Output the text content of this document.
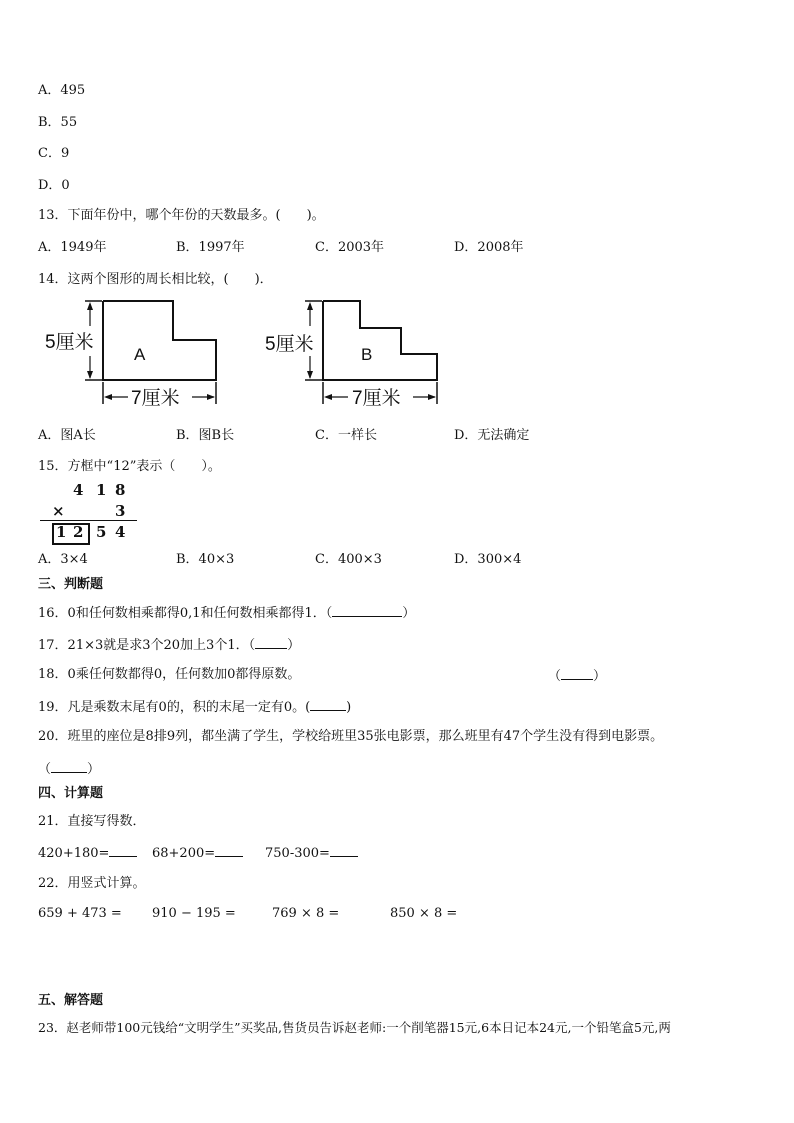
A．495
B．55
C．9
D．0
13．下面年份中，哪个年份的天数最多。(　　)。
A．1949年	B．1997年	C．2003年	D．2008年
14．这两个图形的周长相比较，(　　)．
5厘米
A
7厘米
5厘米	B
7厘米
A．图A长	B．图B长	C．一样长	D．无法确定
15．方框中“12”表示（　　）。
4 1 8
×	3
1 2 5 4
A．3×4	B．40×3	C．400×3	D．300×4
三、判断题
16．0和任何数相乘都得0,1和任何数相乘都得1．（	）
17．21×3就是求3个20加上3个1．（ ）
18．0乘任何数都得0，任何数加0都得原数。	（ ）
19．凡是乘数末尾有0的，积的末尾一定有0。(	)
20．班里的座位是8排9列，都坐满了学生，学校给班里35张电影票，那么班里有47个学生没有得到电影票。
（	）
四、计算题
21．直接写得数．
420+180=	68+200=	750-300=
22．用竖式计算。
659 + 473 = 910 − 195 =	769 × 8 =	850 × 8 =
五、解答题
23．赵老师带100元钱给“文明学生”买奖品,售货员告诉赵老师:一个削笔器15元,6本日记本24元,一个铅笔盒5元,两
